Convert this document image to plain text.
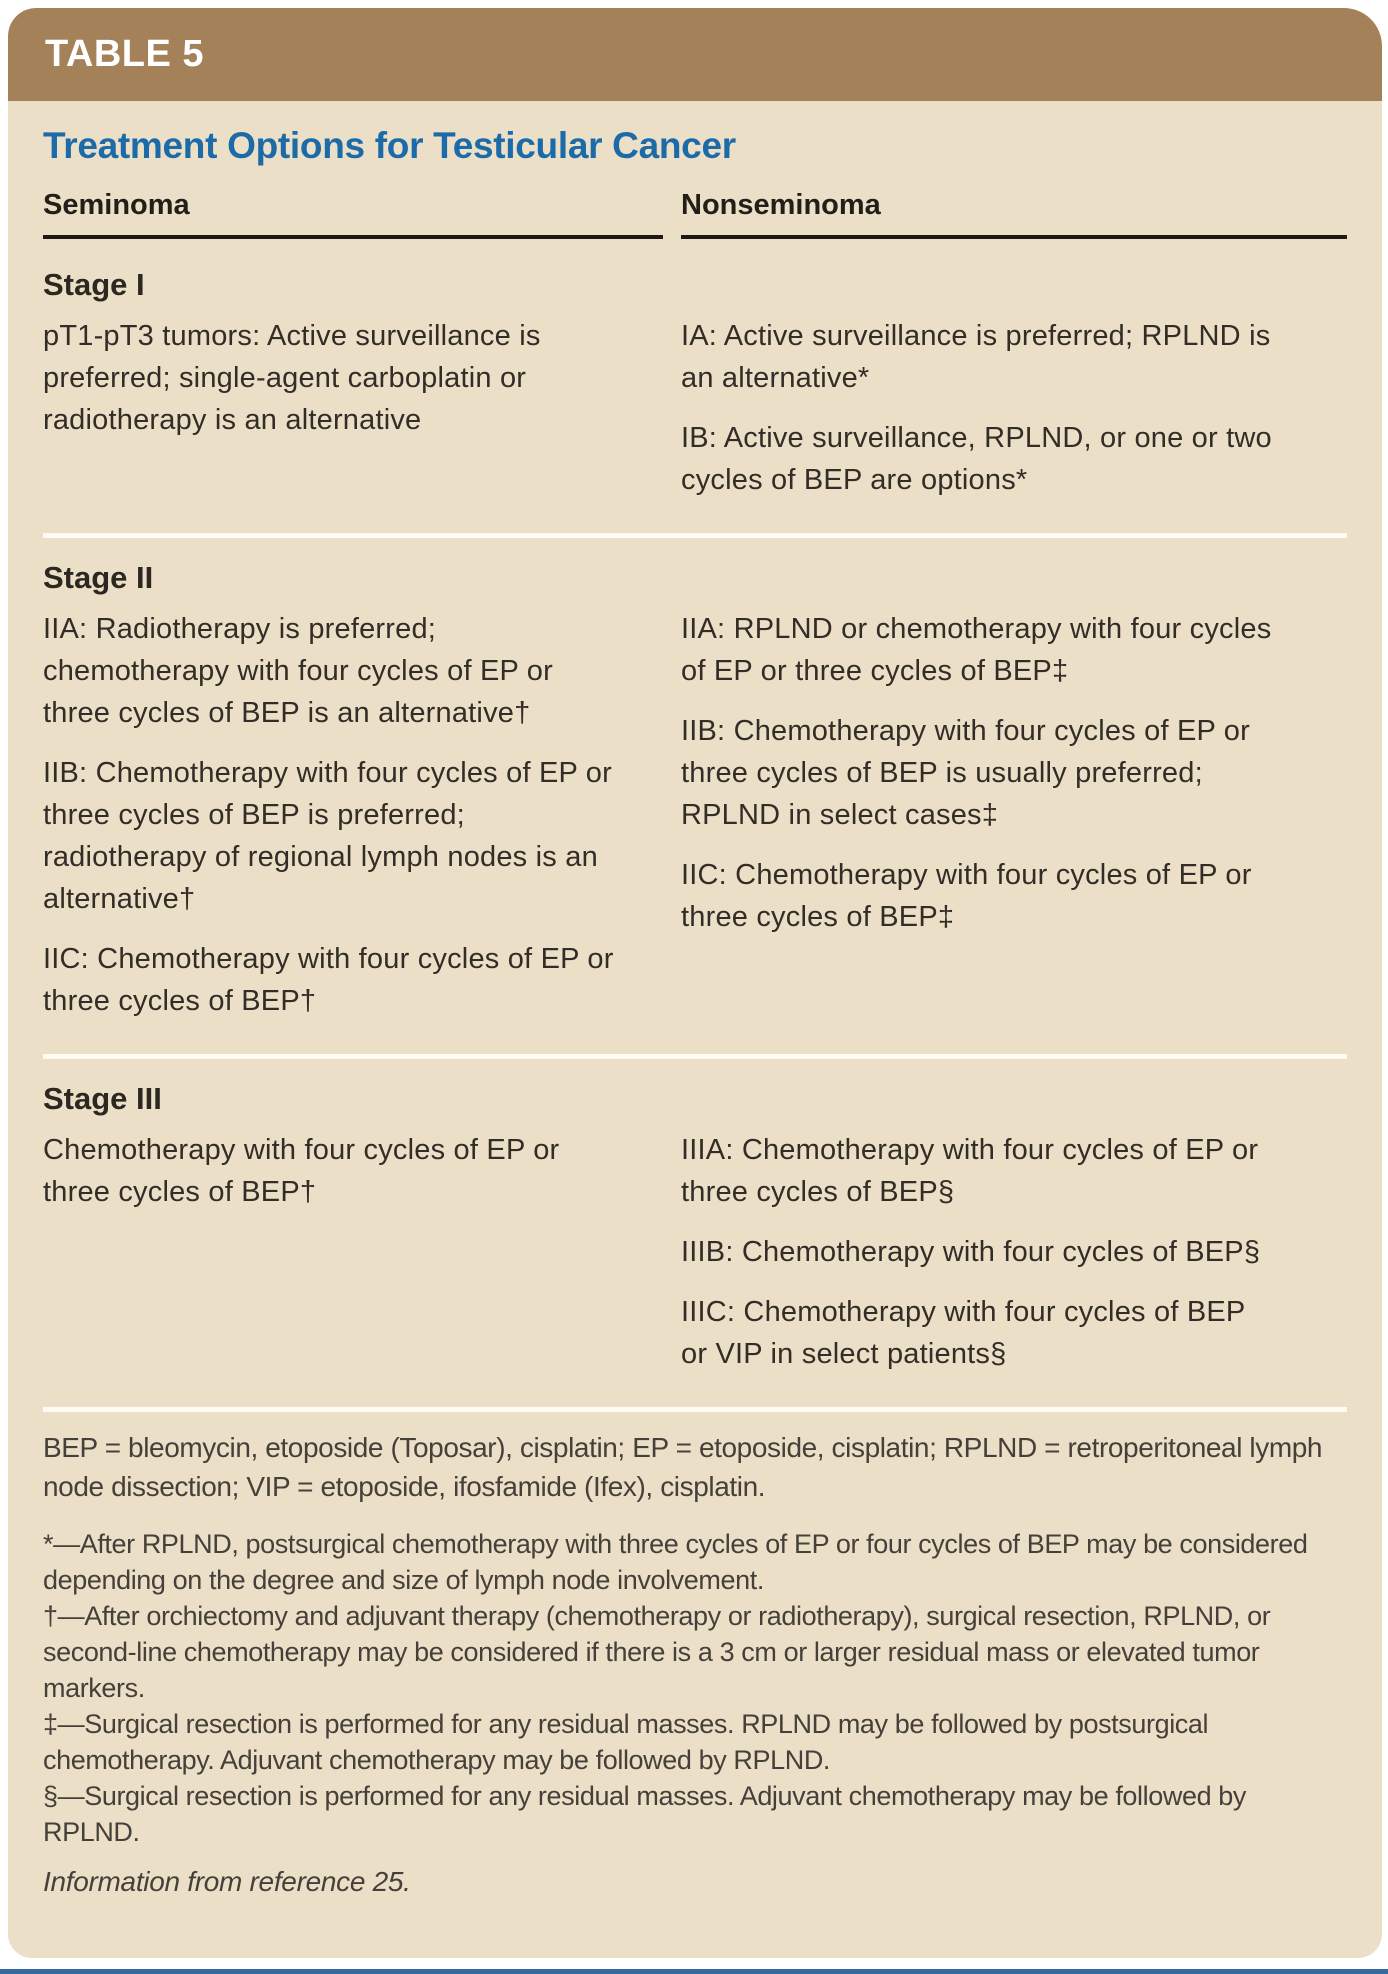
TABLE 5
Treatment Options for Testicular Cancer
Seminoma	Nonseminoma
Stage I

pT1-pT3 tumors: Active surveillance is preferred; single-agent carboplatin or radiotherapy is an alternative

IA: Active surveillance is preferred; RPLND is an alternative*

IB: Active surveillance, RPLND, or one or two cycles of BEP are options*

Stage II

IIA: Radiotherapy is preferred; chemotherapy with four cycles of EP or three cycles of BEP is an alternative†

IIB: Chemotherapy with four cycles of EP or three cycles of BEP is preferred; radiotherapy of regional lymph nodes is an alternative†

IIC: Chemotherapy with four cycles of EP or three cycles of BEP†

IIA: RPLND or chemotherapy with four cycles of EP or three cycles of BEP‡

IIB: Chemotherapy with four cycles of EP or three cycles of BEP is usually preferred; RPLND in select cases‡

IIC: Chemotherapy with four cycles of EP or three cycles of BEP‡

Stage III

Chemotherapy with four cycles of EP or three cycles of BEP†

IIIA: Chemotherapy with four cycles of EP or three cycles of BEP§

IIIB: Chemotherapy with four cycles of BEP§

IIIC: Chemotherapy with four cycles of BEP or VIP in select patients§

BEP = bleomycin, etoposide (Toposar), cisplatin; EP = etoposide, cisplatin; RPLND = retroperitoneal lymph node dissection; VIP = etoposide, ifosfamide (Ifex), cisplatin.

*—After RPLND, postsurgical chemotherapy with three cycles of EP or four cycles of BEP may be considered depending on the degree and size of lymph node involvement.

†—After orchiectomy and adjuvant therapy (chemotherapy or radiotherapy), surgical resection, RPLND, or second-line chemotherapy may be considered if there is a 3 cm or larger residual mass or elevated tumor markers.

‡—Surgical resection is performed for any residual masses. RPLND may be followed by postsurgical chemotherapy. Adjuvant chemotherapy may be followed by RPLND.

§—Surgical resection is performed for any residual masses. Adjuvant chemotherapy may be followed by RPLND.

Information from reference 25.
